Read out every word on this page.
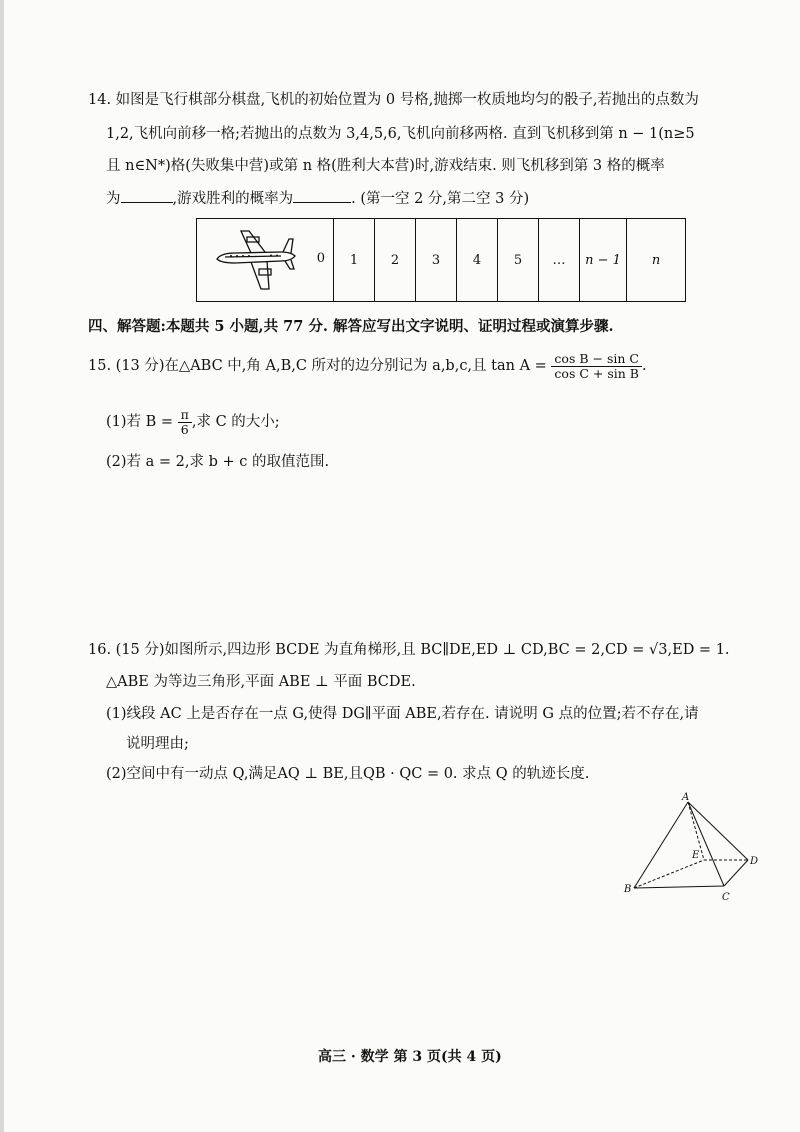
14. 如图是飞行棋部分棋盘,飞机的初始位置为 0 号格,抛掷一枚质地均匀的骰子,若抛出的点数为
1,2,飞机向前移一格;若抛出的点数为 3,4,5,6,飞机向前移两格. 直到飞机移到第 n − 1(n≥5
且 n∈N*)格(失败集中营)或第 n 格(胜利大本营)时,游戏结束. 则飞机移到第 3 格的概率
为	,游戏胜利的概率为	. (第一空 2 分,第二空 3 分)
0	1	2	3	4	5	…	n − 1	n
四、解答题:本题共 5 小题,共 77 分. 解答应写出文字说明、证明过程或演算步骤.
15. (13 分)在△ABC 中,角 A,B,C 所对的边分别记为 a,b,c,且 $\tan A = \frac{\text{cos B − sin C}}{\text{cos C + sin B}}$ .
(1)若 $B = \frac{\pi}{6}$ ,求 C 的大小;
(2)若 a = 2,求 b + c 的取值范围.
16. (15 分)如图所示,四边形 BCDE 为直角梯形,且 BC∥DE,ED ⊥ CD,BC = 2,CD = √3,ED = 1.
△ABE 为等边三角形,平面 ABE ⊥ 平面 BCDE.
(1)线段 AC 上是否存在一点 G,使得 DG∥平面 ABE,若存在. 请说明 G 点的位置;若不存在,请
说明理由;
(2)空间中有一动点 Q,满足AQ ⊥ BE,且QB · QC = 0. 求点 Q 的轨迹长度.
A
B
C
D
E
高三 · 数学 第 3 页(共 4 页)
